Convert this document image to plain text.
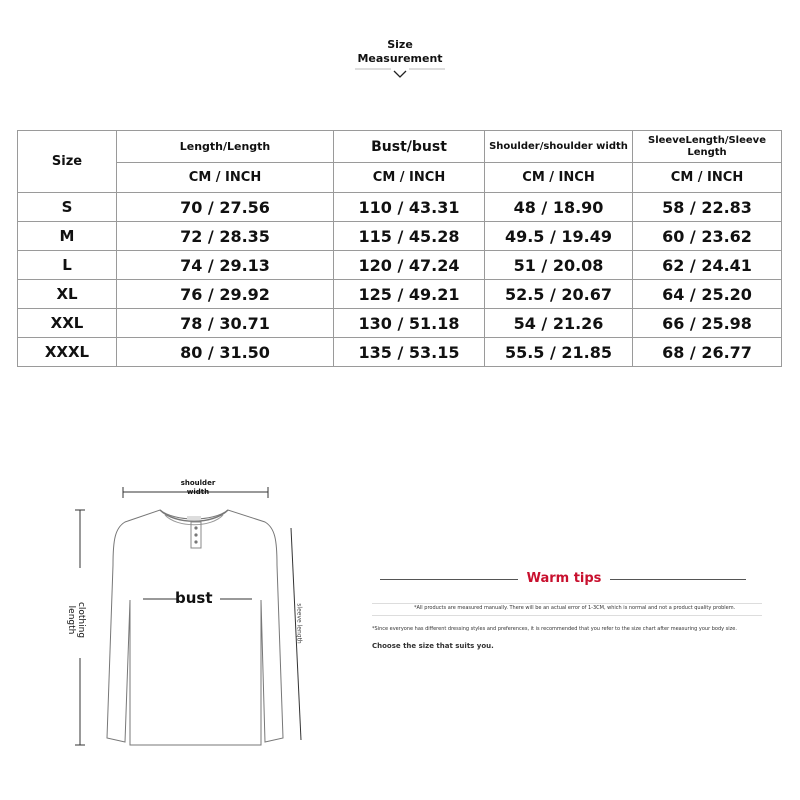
Size
Measurement
Size	Length/Length	Bust/bust	Shoulder/shoulder width	SleeveLength/Sleeve Length
	CM / INCH	CM / INCH	CM / INCH	CM / INCH
S	70 / 27.56	110 / 43.31	48 / 18.90	58 / 22.83
M	72 / 28.35	115 / 45.28	49.5 / 19.49	60 / 23.62
L	74 / 29.13	120 / 47.24	51 / 20.08	62 / 24.41
XL	76 / 29.92	125 / 49.21	52.5 / 20.67	64 / 25.20
XXL	78 / 30.71	130 / 51.18	54 / 21.26	66 / 25.98
XXXL	80 / 31.50	135 / 53.15	55.5 / 21.85	68 / 26.77
shoulder
width
bust
clothing
length	sleeve length
Warm tips
*All products are measured manually. There will be an actual error of 1-3CM, which is normal and not a product quality problem.
*Since everyone has different dressing styles and preferences, it is recommended that you refer to the size chart after measuring your body size.
Choose the size that suits you.
